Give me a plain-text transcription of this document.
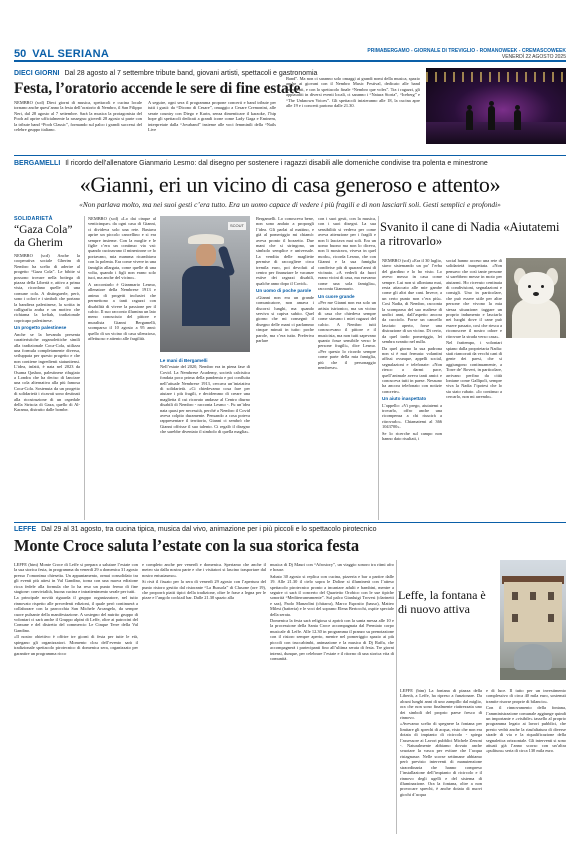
50 VAL SERIANA	PRIMABERGAMO - GIORNALE DI TREVIGLIO - ROMANOWEEK - CREMASCOWEEK
VENERDÌ 22 AGOSTO 2025
DIECI GIORNI Dal 28 agosto al 7 settembre tribute band, giovani artisti, spettacoli e gastronomia
Festa, l’oratorio accende le sere di fine estate

NEMBRO (scd) Dieci giorni di musica, spettacoli e cucina locale tornano anche quest’anno la festa dell’oratorio di Nembro, il San Filippo Neri, dal 28 agosto al 7 settembre. Sarà la musica la protagonista del Pooh ad aprire ufficialmente la rassegna: giovedì 28 agosto si parte con la tribute band “Pooh Classic”, formando sul palco i grandi successi del celebre gruppo italiano.

A seguire, ogni sera il programma propone concerti e band tribute per tutti i gusti: da “Dicono di Cesare”, omaggio a Cesare Cremonini, alle serate country con Diego e Karin, senza dimenticare il karaoke, l’hip hope gli spettacoli dedicati a grandi icone come Lady Gaga e Eminem, interpretate dalla “Jovaband” insieme alle voci femminili della “Nails Live

Band”. Ma non ci saranno solo omaggi ai grandi nomi della musica, spazio anche ai giovani con il Nembro Music Festival, dedicato alle band emergenti, e con lo spettacolo finale “Nembro que voles”. Tra i ragazzi, gli applauditi in diversi eventi locali, ci saranno i “Natura Storia”, “Iceberg” e “The Unknown Voices”. Gli spettacoli inizieranno alle 18, la cucina apre alle 19 e i concerti partono dalle 21.30.

BERGAMELLI Il ricordo dell’allenatore Gianmario Lesmo: dal disegno per sostenere i ragazzi disabili alle domeniche condivise tra polenta e minestrone
«Gianni, eri un vicino di casa generoso e attento»
«Non parlava molto, ma nei suoi gesti c’era tutto. Era un uomo capace di vedere i più fragili e di non lasciarli soli. Gesti semplici e profondi»
SOLIDARIETÀ
“Gaza Cola” da Gherim

NEMBRO (scd) Anche la cooperativa sociale Gherim di Nembro ha scelto di aderire al progetto “Gaza Cola”. Le bibite si possono trovare nella bottega di piazza della Libertà e, attivo a prima vista, ricordano quelle di una comune cola. A distinguerle, però, sono i colori e i simboli che portano la bandiera palestinese, la scritta in calligrafia araba e un motivo che richiama la kefiah, tradizionale copricapo palestinese.

Un progetto palestinese

Anche se la bevanda presenta caratteristiche organolettiche simili alla tradizionale Coca-Cola, utilizza una formula completamente diversa, sviluppata per questo progetto e che non contiene ingredienti statunitensi. L’idea, infatti, è nata nel 2023 da Osama Qashoo, palestinese rifugiato a Londra che ha deciso di lanciare una cola alternativa alla più famosa Coca-Cola. Sostenuta da un progetto di solidarietà i ricavati sono destinati alla ricostruzione di un ospedale della Striscia di Gaza, quello di Al-Karama, distrutto dalle bombe.

NEMBRO (scd) «Lo dai cinque al venticinque» da ogni casa di Gianni, ci divideva solo una rete. Bastava aprire un piccolo cancellino e si era sempre insieme. Con la moglie e le figlie c’era un continuo via vai: quando cucinavano il minestrone ce lo portavano, mia mamma ricambiava con la polenta. Era come vivere in una famiglia allargata, come quelle di una volta, quando i figli non erano solo tuoi, ma anche del vicino».

A raccontarlo è Gianmario Lesmo, allenatore della Nembrese 1913 e anima di progetti inclusivi che permettono a tanti ragazzi con disabilità di vivere la passione per il calcio. Il suo racconto illumina un lato meno conosciuto del pittore e muralista Gianni Bergamelli, scomparso il 10 agosto a 95 anni: quello di un vicino di casa silenzioso, affettuoso e attento alle fragilità.

SCOUT
Le mani di Bergamelli

Nell’estate del 2020, Nembro era in piena fase di Covid. La Nembrese Academy, società calcistica fondata poco prima della pandemia e poi confluita nell’attuale Nembrese 1913, cercava un’iniziativa di solidarietà. «Ci chiedevamo cosa fare per aiutare i più fragili, e decidemmo di creare una maglietta il cui ricavato andasse al Centro diurno disabili di Nembro - racconta Lesmo -. Fu un’idea nata quasi per necessità, perché a Nembro il Covid aveva colpito duramente. Pensando a cosa poteva rappresentare il territorio, Gianni ci sembrò che Gianni offrisse il suo talento. Ci regalò il disegno che sarebbe diventato il simbolo di quella maglia».

Bergamelli. Lo conosceva bene, non sono andato a proporgli l’idea. Gli parlai al mattino, e già al pomeriggio mi chiamò: aveva pronto il bozzetto. Due mani che si stringono, un simbolo semplice e universale. La vendita delle magliette permise di raccogliere circa tremila euro, poi devoluti al centro per finanziare le vacanze estive dei ragazzi disabili, qualche anno dopo il Covid».

Un uomo di poche parole

«Gianni non era un grande comunicatore, non amava i discorsi lunghi, ma quando serviva si capiva subito. Quel giorno che mi consegnò il disegno delle mani ci parlammo cinque minuti in tutto: poche parole, ma c’era tutto. Preferiva parlare

con i suoi gesti, con la musica, con i suoi disegni. La sua sensibilità si vedeva per come aveva attenzione per i fragili e non li lasciava mai soli. Era un uomo buono ma non lo diceva, non li mostrava, viveva in quel modo», ricorda Lesmo, che con Gianni e la sua famiglia condivise più di quarant’anni di vicinato. «A vederli da fuori erano vicini di casa, ma eravamo come una sola famiglia», racconta Gianmario.

Un cuore grande

«Per me Gianni non era solo un artista istrionico, ma un vicino di casa che chiedeva sempre come stavano i miei ragazzi del calcio. A Nembro tutti conoscevano il pittore e il musicista, ma non tutti sapevano quanto fosse sensibile verso le persone fragili», dice Lesmo. «Per questo lo ricordo sempre come parte della mia famiglia, più che il personaggio nembrese».

Svanito il cane di Nadia «Aiutatemi a ritrovarlo»

NEMBRO (scd) «Era il 30 luglio, stavo sistemando un po’ l’erba del giardino e lo ho visto. Lo avevo messo in casa come sempre. Lui non si allontana mai, resta attaccato alle mie gambe come gli altri due cani. Invece, a un certo punto non c’era più». Così Nadia, di Nembro, racconta la scomparsa del suo maltese di undici anni, dall’aspetto ancora da cucciolo. Forse un cancello lasciato aperto, forse una distrazione di un vicino. Di certo, da quel tardo pomeriggio, lei sembra svanito nel nulla.

Da quel giorno la sua padrona non si è mai fermata: volantini affissi ovunque, appelli social, segnalazioni e telefonate: «Non riesco a darmi pace, quell’animale aveva tanti amici e conosceva tutti in paese. Nessuno ha ancora telefonato con notizie concrete».

Un aiuto inaspettato

L’appello: «Vi prego, aiutatemi a trovarlo, offro anche una ricompensa a chi riuscirà a ritrovarlo». Chiamatemi al 366 1043700».

Se lo ricerche sul campo non hanno dato risultati, i

social hanno acceso una rete di solidarietà inaspettata. «Non pensavo che così tante persone si sarebbero messe in moto per aiutarmi. Ho ricevuto centinaia di condivisioni, segnalazioni e consigli. Uno in particolare, che può essere utile per altre persone che vivono la mia stessa situazione: taggare un proprio indumento e lasciarlo nei luoghi dove il cane può essere passato, così che riesca a riconoscere il nostro odore e ritrovare la strada verso casa».

Nel frattempo, i volontari spiano dalla proprietaria Nadia: stati riancorati da vecchi cani di gente dei paesi, che si aggiungono continuamente, a Torre de’ Roveri, in particolare, arrivano perfino da città lontane come Gallipoli, sempre viva la Nadia l’ipotesi che lo sia stato rubato. «Io continuo a cercarlo, non mi arrendo».

LEFFE Dal 29 al 31 agosto, tra cucina tipica, musica dal vivo, animazione per i più piccoli e lo spettacolo pirotecnico
Monte Croce saluta l’estate con la sua storica festa

LEFFE (btm) Monte Croce di Leffe si prepara a salutare l’estate con la sua storica festa, in programma da venerdì 29 a domenica 31 agosto presso l’omonima chiesetta. Un appuntamento, ormai consolidato tra gli eventi più attesi in Val Gandino, torna con una nuova edizione ricca fedele alla formula che lo ha reso un punto fermo di fine stagione: convivialità, buona cucina e intrattenimento serale per tutti.

La principale novità riguarda il gruppo organizzatore, nel tutto rinnovato rispetto alle precedenti edizioni, il quale però continuerà a collaborare con la parrocchia San Michele Arcangelo, da sempre cuore pulsante della manifestazione. A sostegno del nutrito gruppo di volontari ci sarà anche il Gruppo alpini di Leffe, oltre ai patrocini del Comune e del distretto del commercio Le Cinque Terre della Val Gandino.

«Il nostro obiettivo è offrire tre giorni di festa per tutte le età, spiegano gli organizzatori. Momento clou dell’evento sarà il tradizionale spettacolo pirotecnico di domenica sera, organizzato per garantire un programma ricco

e completo anche per venerdì e domenica. Speriamo che anche il meteo sia dalla nostra parte e che i visitatori si lascino trasportare dal nostro entusiasmo».

Si rivà il fissato per la sera di venerdì 29 agosto con l’apertura del punto ristoro gestito dal ristorante “La Bussola” di Clusone (ore 19), che proporrà piatti tipici della tradizione, oltre le frase a legna per le pizze e l’angolo cocktail bar. Dalle 21.30 spazio alla

musica di Dj Mauri con “Afrostory”, un viaggio sonoro tra ritmi afro e house.

Sabato 30 agosto si replica con cucina, pizzeria e bar a partire dalle 19. Alle 21.30 il cielo sopra le Doline si illuminerà con l’atteso spettacolo pirotecnico pronto a incantare adulti e bambini, mentre a seguire ci sarà il concerto del Quartetto Orobico con le sue tipiche sonorità “Mediterraneamente”. Sul palco Gianluigi Trovesi (clarinetti e sax), Paolo Manzolini (chitarra), Marco Esposito (basso), Matteo Milesi (batteria) e le voci del soprano Elena Bertocchi, ospite speciale della serata.

Domenica la festa sarà religiosa si aprirà con la santa messa alle 10 e la processione della Santa Croce accompagnata dal Premiato corpo musicale di Leffe. Alle 12.30 in programma il pranzo su prenotazione con il ristoro sempre aperto, mentre nel pomeriggio spazio ai più piccoli con truccabimbi, animazione e la musica di Dj Raffa, che accompagnerà i partecipanti fino all’ultima serata di festa. Tre giorni intensi, dunque, per celebrare l’estate e il ritorno di una storica vita di comunità.

Leffe, la fontana è di nuovo attiva

LEFFE (btm) La fontana di piazza della Libertà, a Leffe, ha ripreso a funzionare. Da alcuni lunghi anni di uno zampillo dal miglio, ora che non sono finalmente riattrezzata uno dei simboli del proprio paese fresco di rinnovo.

«Avevamo scelto di spegnere la fontana per limitare gli sprechi di acqua, visto che non era dotata di impianto di ricircolo - spiega l’assessore ai Lavori pubblici Michele Zenoni -. Naturalmente abbiamo dovuto anche svuotare la vasca per evitare che l’acqua ristagnasse. Nelle scorse settimane abbiamo però previsto interventi di manutenzione straordinaria che hanno compreso l’installazione dell’impianto di ricircolo e il rinnovo degli ugelli e del sistema di illuminazione. Ora la fontana, oltre a non provocare sprechi, è anche dotata di nuovi giochi d’acqua

e di luce. Il tutto per un investimento complessivo di circa 40 mila euro, sostenuti tramite risorse proprie di bilancio».

Con il rinnovamento della fontana, l’amministrazione comunale aggiunge quindi un importante e «visibile» tassello al proprio programma legato ai lavori pubblici, che presto vedrà anche la riasfaltatura di diverse strade di via e la riqualificazione della segnaletica orizzontale. Gli interventi si sono attuati già l’anno scorso con un’altra «pulitura» seria di circa 130 mila euro.
